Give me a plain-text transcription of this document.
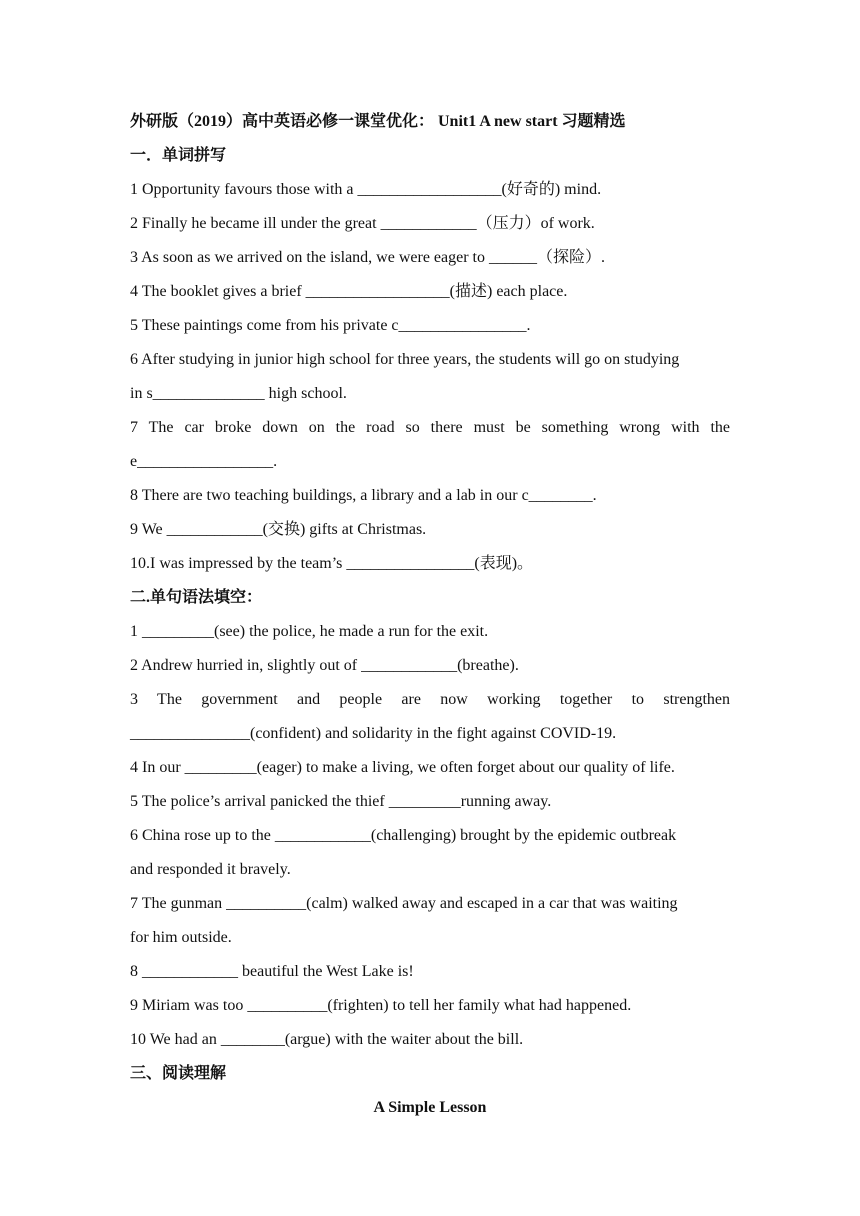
外研版（2019）高中英语必修一课堂优化： Unit1 A new start 习题精选
一．单词拼写
1 Opportunity favours those with a __________________(好奇的) mind.
2 Finally he became ill under the great ____________（压力）of work.
3 As soon as we arrived on the island, we were eager to ______（探险）.
4 The booklet gives a brief __________________(描述) each place.
5 These paintings come from his private c________________.
6 After studying in junior high school for three years, the students will go on studying
in s______________ high school.
7 The car broke down on the road so there must be something wrong with the
e_________________.
8 There are two teaching buildings, a library and a lab in our c________.
9 We ____________(交换) gifts at Christmas.
10.I was impressed by the team’s ________________(表现)。
二.单句语法填空：
1 _________(see) the police, he made a run for the exit.
2 Andrew hurried in, slightly out of ____________(breathe).
3 The government and people are now working together to strengthen
_______________(confident) and solidarity in the fight against COVID-19.
4 In our _________(eager) to make a living, we often forget about our quality of life.
5 The police’s arrival panicked the thief _________running away.
6 China rose up to the ____________(challenging) brought by the epidemic outbreak
and responded it bravely.
7 The gunman __________(calm) walked away and escaped in a car that was waiting
for him outside.
8 ____________ beautiful the West Lake is!
9 Miriam was too __________(frighten) to tell her family what had happened.
10 We had an ________(argue) with the waiter about the bill.
三、阅读理解
A Simple Lesson
